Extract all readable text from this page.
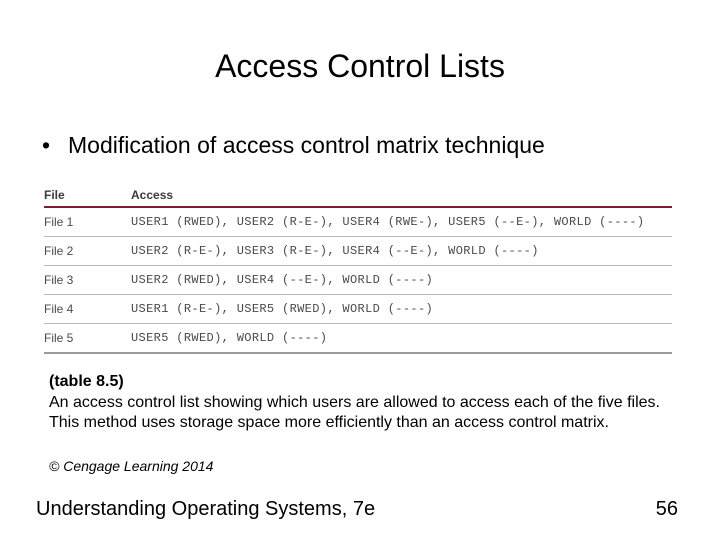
Access Control Lists
• Modification of access control matrix technique
File	Access
File 1	USER1 (RWED), USER2 (R-E-), USER4 (RWE-), USER5 (--E-), WORLD (----)
File 2	USER2 (R-E-), USER3 (R-E-), USER4 (--E-), WORLD (----)
File 3	USER2 (RWED), USER4 (--E-), WORLD (----)
File 4	USER1 (R-E-), USER5 (RWED), WORLD (----)
File 5	USER5 (RWED), WORLD (----)
(table 8.5)
An access control list showing which users are allowed to access each of the five files. This method uses storage space more efficiently than an access control matrix.
© Cengage Learning 2014
Understanding Operating Systems, 7e	56
